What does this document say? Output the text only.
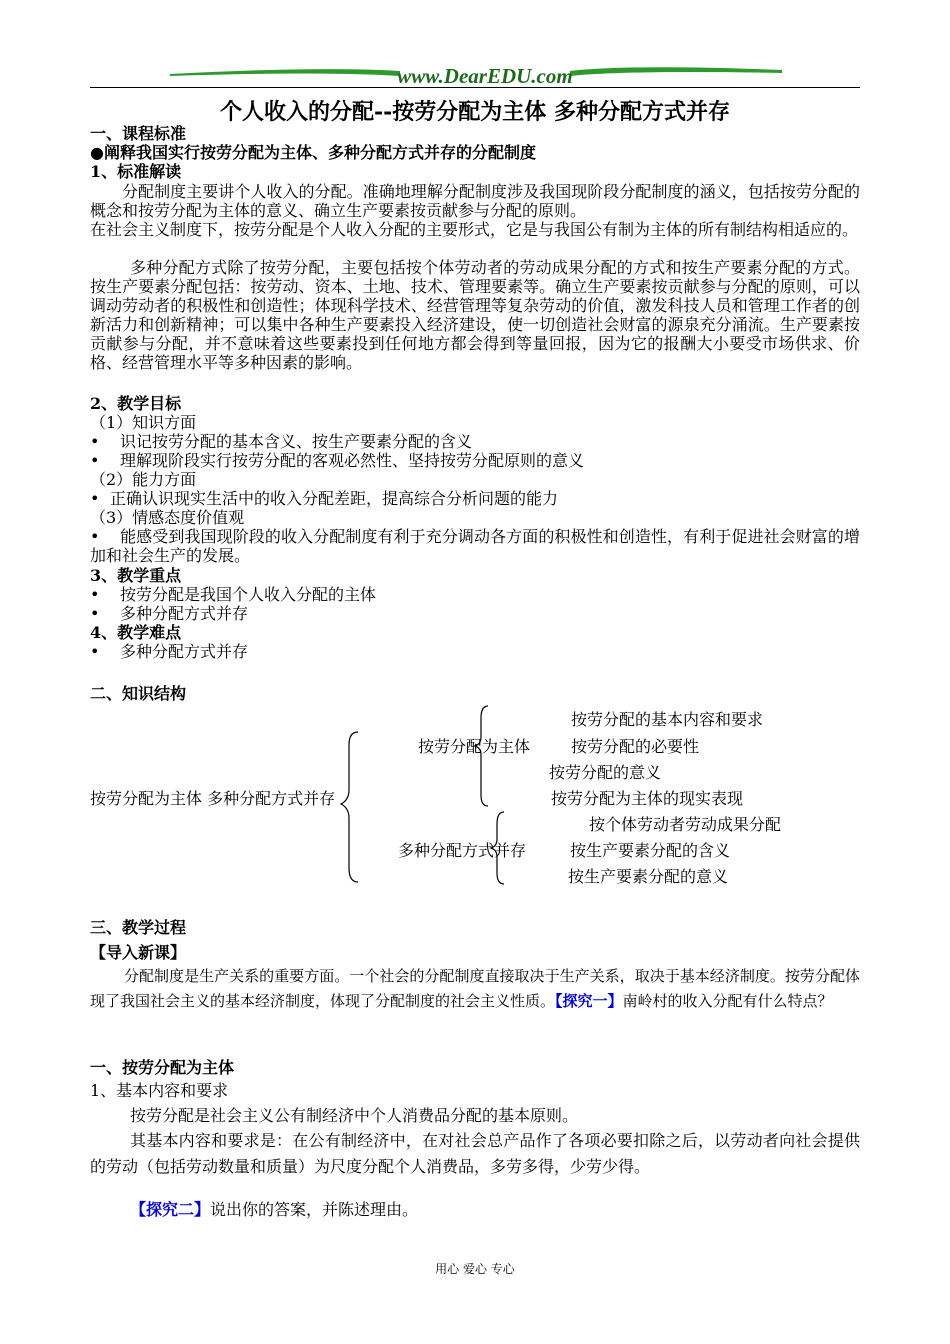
www.DearEDU.com
个人收入的分配--按劳分配为主体 多种分配方式并存
一、课程标准
●阐释我国实行按劳分配为主体、多种分配方式并存的分配制度
1、标准解读
分配制度主要讲个人收入的分配。准确地理解分配制度涉及我国现阶段分配制度的涵义，包括按劳分配的概念和按劳分配为主体的意义、确立生产要素按贡献参与分配的原则。
在社会主义制度下，按劳分配是个人收入分配的主要形式，它是与我国公有制为主体的所有制结构相适应的。
多种分配方式除了按劳分配，主要包括按个体劳动者的劳动成果分配的方式和按生产要素分配的方式。按生产要素分配包括：按劳动、资本、土地、技术、管理要素等。确立生产要素按贡献参与分配的原则，可以调动劳动者的积极性和创造性；体现科学技术、经营管理等复杂劳动的价值，激发科技人员和管理工作者的创新活力和创新精神；可以集中各种生产要素投入经济建设，使一切创造社会财富的源泉充分涌流。生产要素按贡献参与分配，并不意味着这些要素投到任何地方都会得到等量回报，因为它的报酬大小要受市场供求、价格、经营管理水平等多种因素的影响。
2、教学目标
（1）知识方面
• 识记按劳分配的基本含义、按生产要素分配的含义
• 理解现阶段实行按劳分配的客观必然性、坚持按劳分配原则的意义
（2）能力方面
• 正确认识现实生活中的收入分配差距，提高综合分析问题的能力
（3）情感态度价值观
• 能感受到我国现阶段的收入分配制度有利于充分调动各方面的积极性和创造性，有利于促进社会财富的增加和社会生产的发展。
3、教学重点
• 按劳分配是我国个人收入分配的主体
• 多种分配方式并存
4、教学难点
• 多种分配方式并存
二、知识结构
按劳分配为主体 多种分配方式并存
按劳分配为主体
按劳分配的基本内容和要求
按劳分配的必要性
按劳分配的意义
按劳分配为主体的现实表现
多种分配方式并存
按个体劳动者劳动成果分配
按生产要素分配的含义
按生产要素分配的意义
三、教学过程
【导入新课】
分配制度是生产关系的重要方面。一个社会的分配制度直接取决于生产关系，取决于基本经济制度。按劳分配体现了我国社会主义的基本经济制度，体现了分配制度的社会主义性质。【探究一】南岭村的收入分配有什么特点？
一、按劳分配为主体
1、基本内容和要求
按劳分配是社会主义公有制经济中个人消费品分配的基本原则。
其基本内容和要求是：在公有制经济中，在对社会总产品作了各项必要扣除之后，以劳动者向社会提供的劳动（包括劳动数量和质量）为尺度分配个人消费品，多劳多得，少劳少得。
【探究二】说出你的答案，并陈述理由。
用心 爱心 专心
